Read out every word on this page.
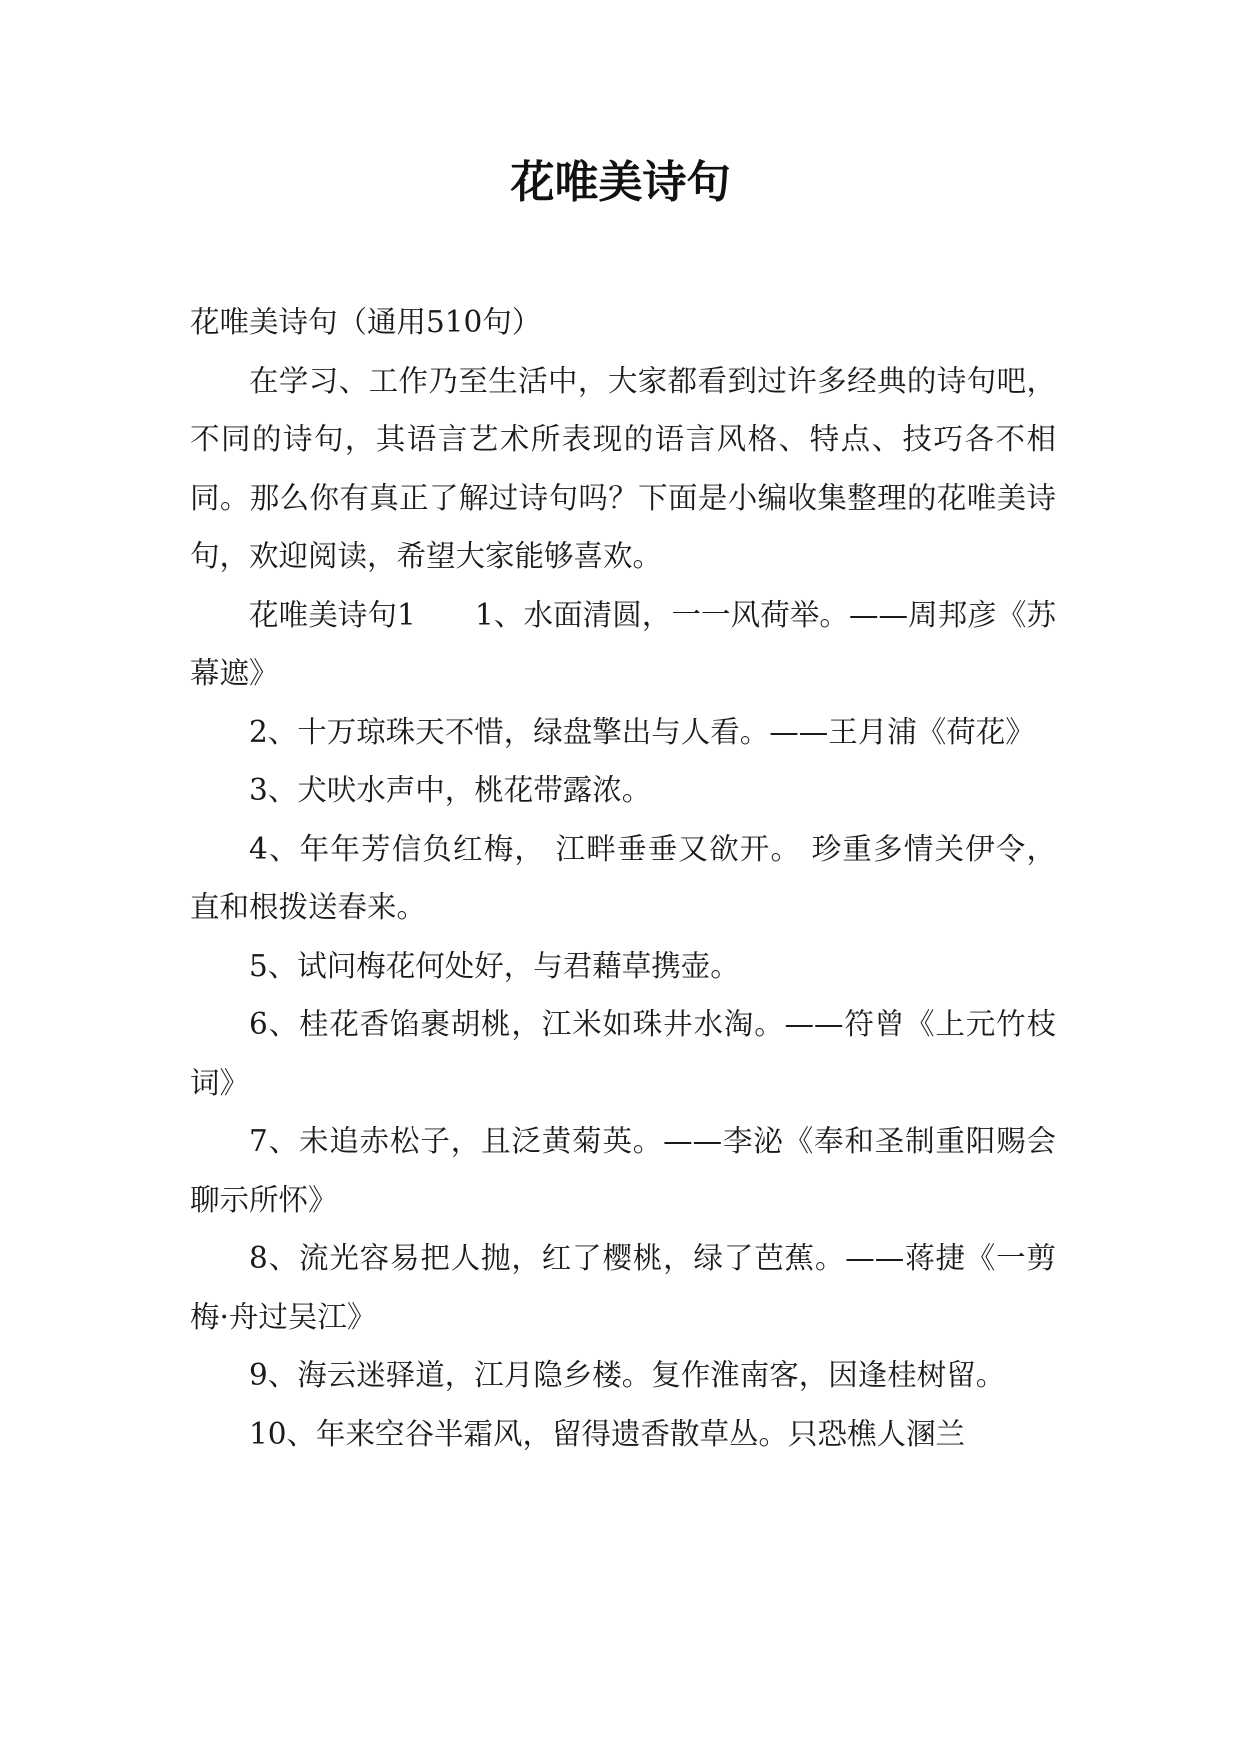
花唯美诗句

花唯美诗句（通用510句）

在学习、工作乃至生活中，大家都看到过许多经典的诗句吧，不同的诗句，其语言艺术所表现的语言风格、特点、技巧各不相同。那么你有真正了解过诗句吗？下面是小编收集整理的花唯美诗句，欢迎阅读，希望大家能够喜欢。

花唯美诗句1　　1、水面清圆，一一风荷举。——周邦彦《苏幕遮》

2、十万琼珠天不惜，绿盘擎出与人看。——王月浦《荷花》

3、犬吠水声中，桃花带露浓。

4、年年芳信负红梅， 江畔垂垂又欲开。 珍重多情关伊令， 直和根拨送春来。

5、试问梅花何处好，与君藉草携壶。

6、桂花香馅裹胡桃，江米如珠井水淘。——符曾《上元竹枝词》

7、未追赤松子，且泛黄菊英。——李泌《奉和圣制重阳赐会聊示所怀》

8、流光容易把人抛，红了樱桃，绿了芭蕉。——蒋捷《一剪梅·舟过吴江》

9、海云迷驿道，江月隐乡楼。复作淮南客，因逢桂树留。

10、年来空谷半霜风，留得遗香散草丛。只恐樵人溷兰
